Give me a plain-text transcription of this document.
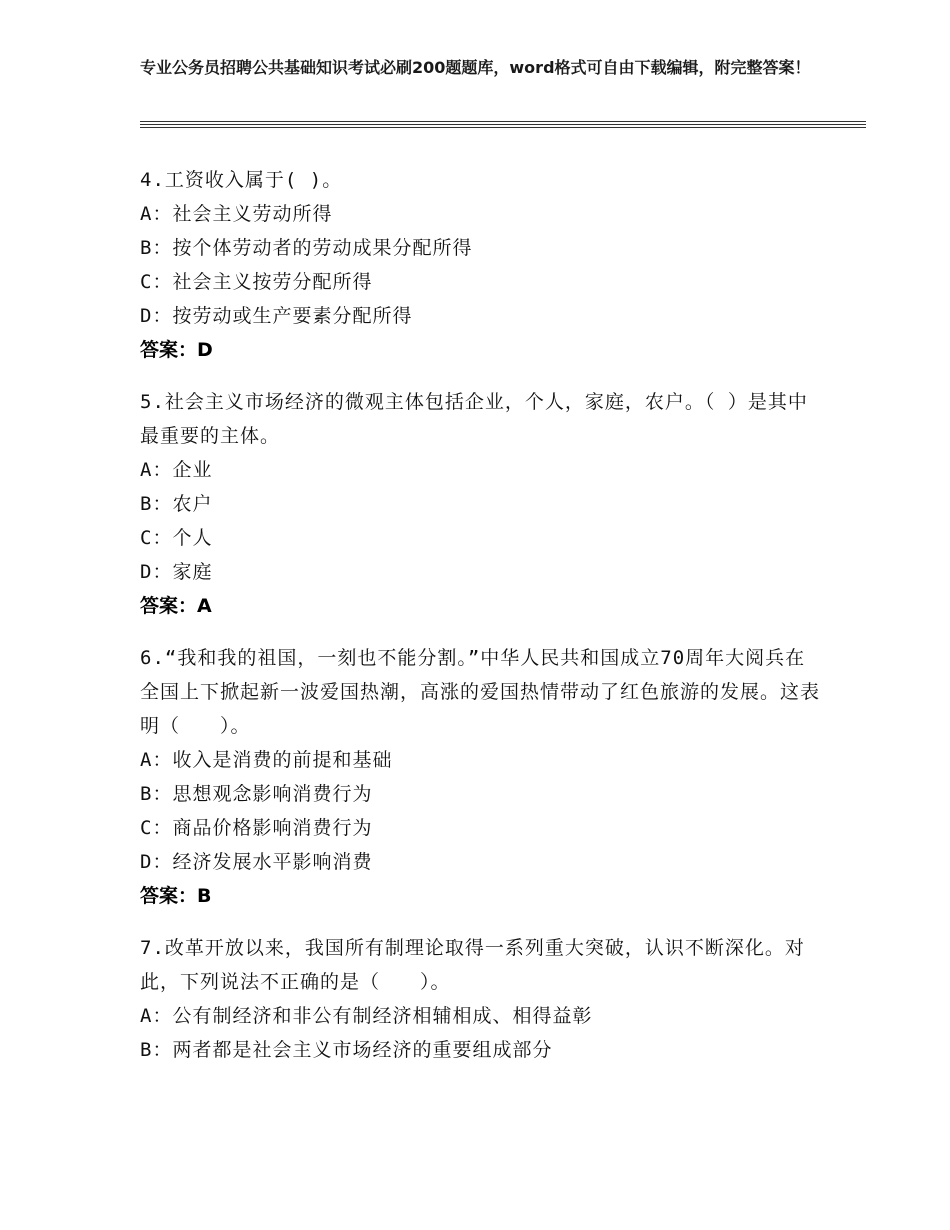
专业公务员招聘公共基础知识考试必刷200题题库，word格式可自由下载编辑，附完整答案！
4.工资收入属于( )。
A：社会主义劳动所得
B：按个体劳动者的劳动成果分配所得
C：社会主义按劳分配所得
D：按劳动或生产要素分配所得
答案：D
5.社会主义市场经济的微观主体包括企业，个人，家庭，农户。（ ）是其中最重要的主体。
A：企业
B：农户
C：个人
D：家庭
答案：A
6.“我和我的祖国，一刻也不能分割。”中华人民共和国成立70周年大阅兵在全国上下掀起新一波爱国热潮，高涨的爱国热情带动了红色旅游的发展。这表明（　　）。
A：收入是消费的前提和基础
B：思想观念影响消费行为
C：商品价格影响消费行为
D：经济发展水平影响消费
答案：B
7.改革开放以来，我国所有制理论取得一系列重大突破，认识不断深化。对此，下列说法不正确的是（　　）。
A：公有制经济和非公有制经济相辅相成、相得益彰
B：两者都是社会主义市场经济的重要组成部分
